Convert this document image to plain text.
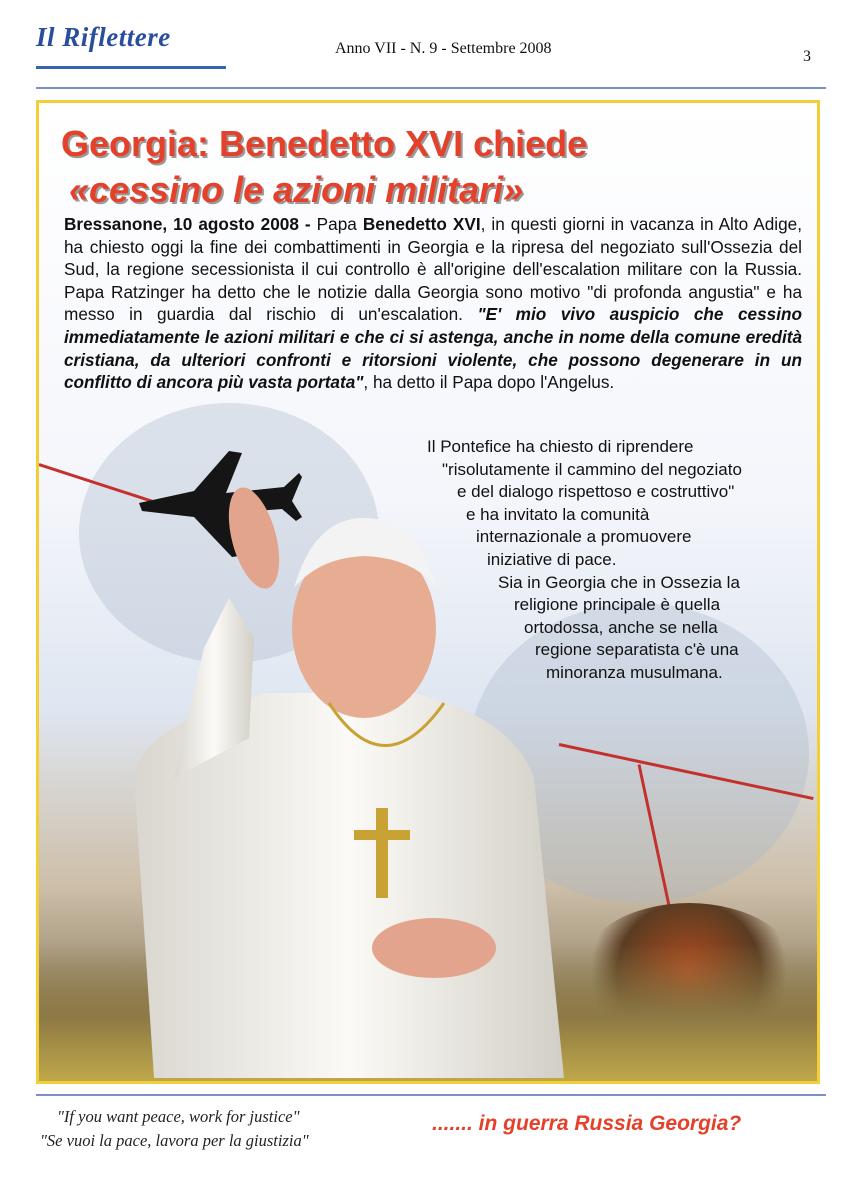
Il Riflettere	Anno VII - N. 9 - Settembre 2008	3
Georgia: Benedetto XVI chiede
«cessino le azioni militari»
Bressanone, 10 agosto 2008 - Papa Benedetto XVI, in questi giorni in vacanza in Alto Adige, ha chiesto oggi la fine dei combattimenti in Georgia e la ripresa del negoziato sull'Ossezia del Sud, la regione secessionista il cui controllo è all'origine dell'escalation militare con la Russia. Papa Ratzinger ha detto che le notizie dalla Georgia sono motivo "di profonda angustia" e ha messo in guardia dal rischio di un'escalation. "E' mio vivo auspicio che cessino immediatamente le azioni militari e che ci si astenga, anche in nome della comune eredità cristiana, da ulteriori confronti e ritorsioni violente, che possono degenerare in un conflitto di ancora più vasta portata", ha detto il Papa dopo l'Angelus.
Il Pontefice ha chiesto di riprendere
"risolutamente il cammino del negoziato
e del dialogo rispettoso e costruttivo"
e ha invitato la comunità
internazionale a promuovere
iniziative di pace.
Sia in Georgia che in Ossezia la
religione principale è quella
ortodossa, anche se nella
regione separatista c'è una
minoranza musulmana.
"If you want peace, work for justice"
"Se vuoi la pace, lavora per la giustizia"
....... in guerra Russia Georgia?
